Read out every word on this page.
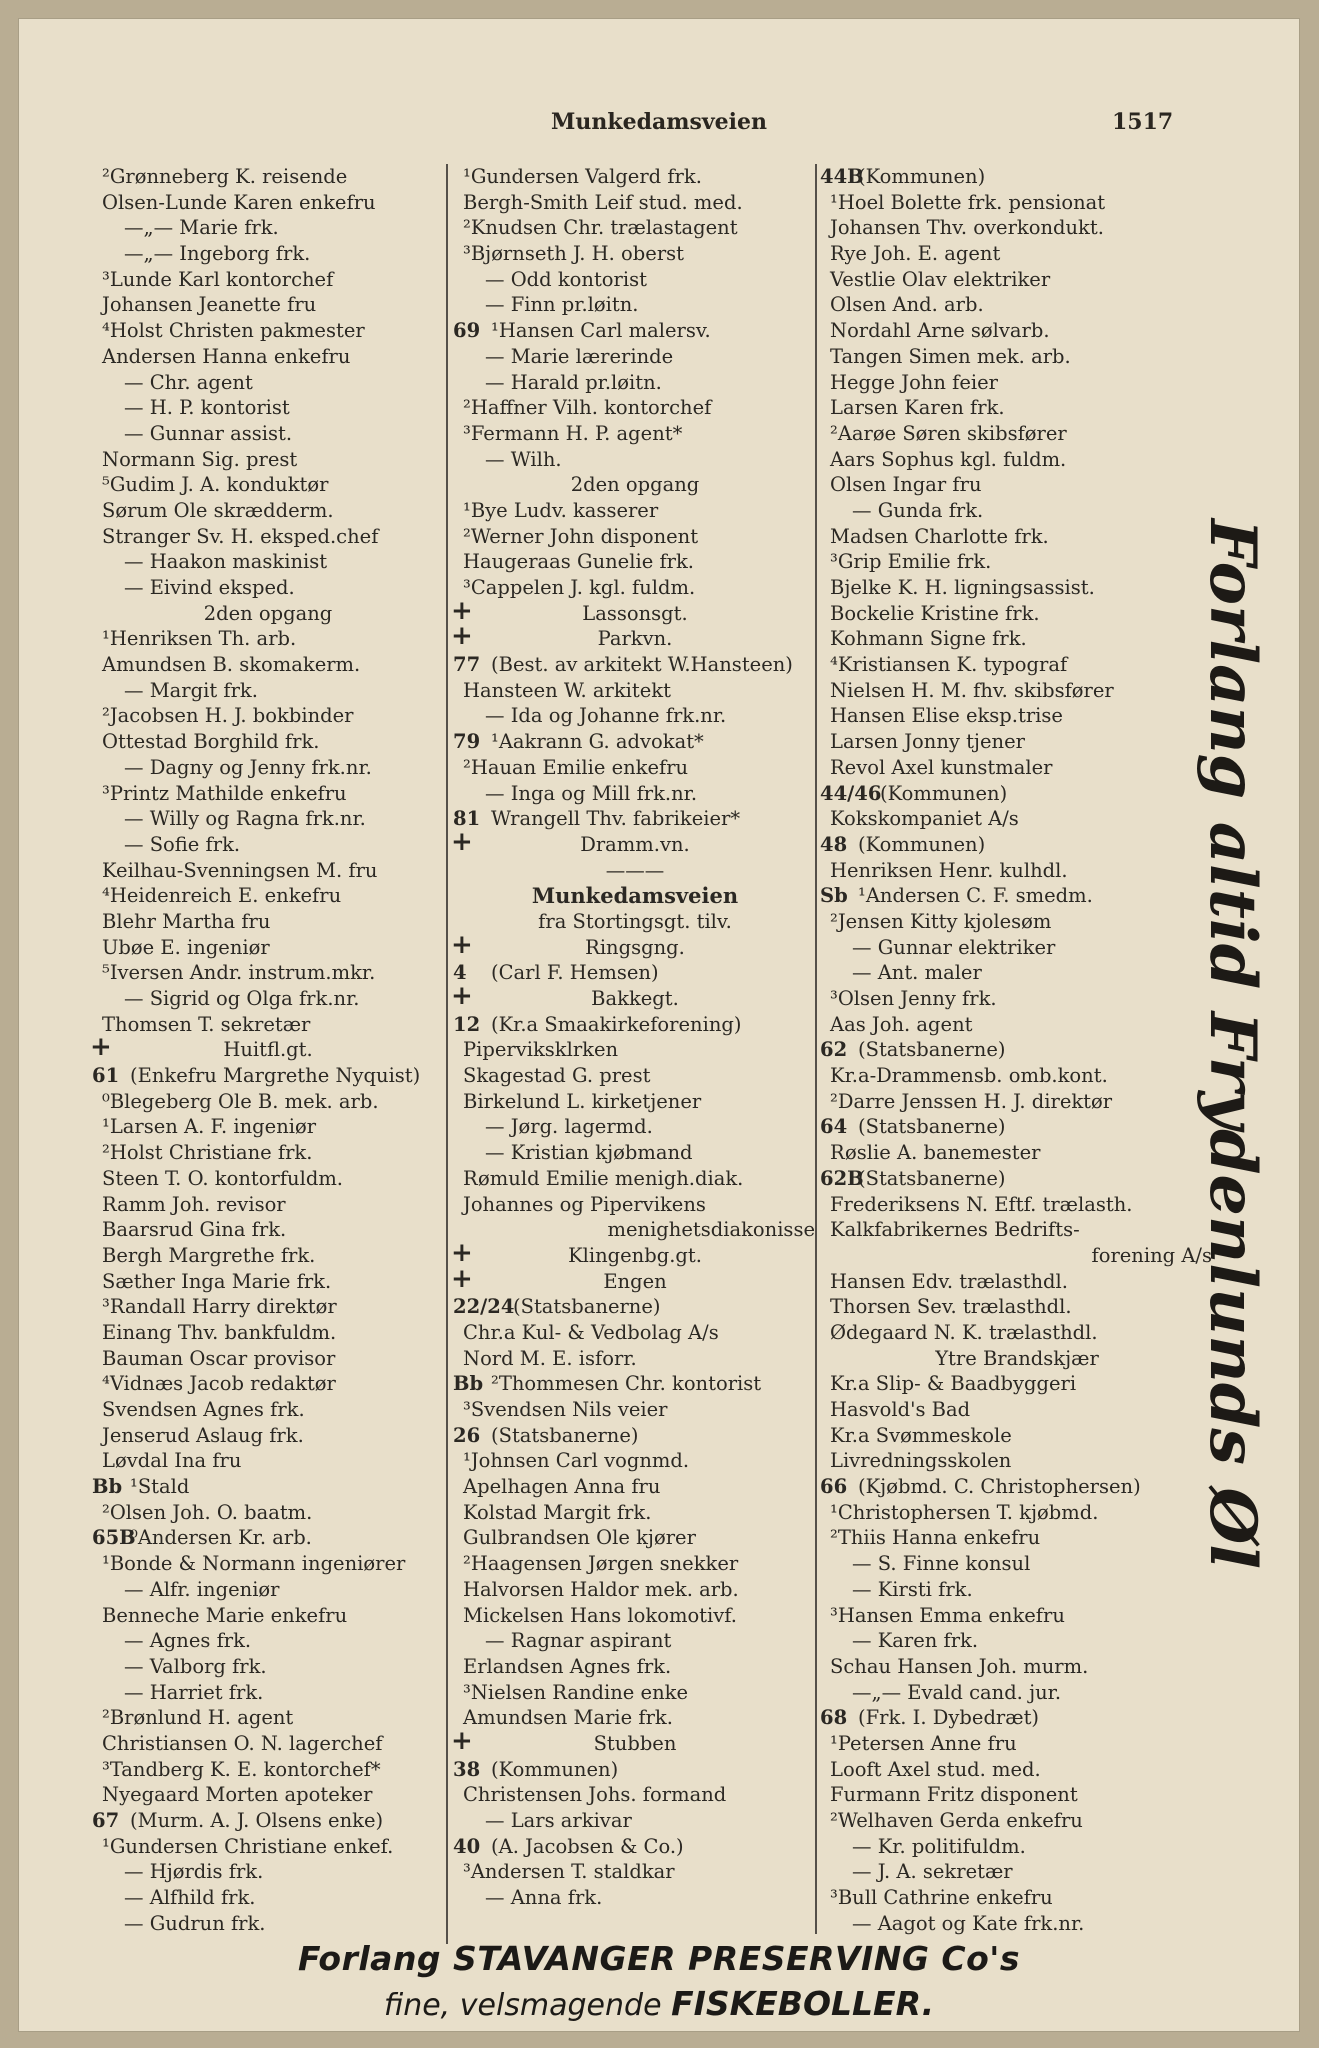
Munkedamsveien	1517
²Grønneberg K. reisende
Olsen-Lunde Karen enkefru
—„— Marie frk.
—„— Ingeborg frk.
³Lunde Karl kontorchef
Johansen Jeanette fru
⁴Holst Christen pakmester
Andersen Hanna enkefru
— Chr. agent
— H. P. kontorist
— Gunnar assist.
Normann Sig. prest
⁵Gudim J. A. konduktør
Sørum Ole skrædderm.
Stranger Sv. H. eksped.chef
— Haakon maskinist
— Eivind eksped.
2den opgang
¹Henriksen Th. arb.
Amundsen B. skomakerm.
— Margit frk.
²Jacobsen H. J. bokbinder
Ottestad Borghild frk.
— Dagny og Jenny frk.nr.
³Printz Mathilde enkefru
— Willy og Ragna frk.nr.
— Sofie frk.
Keilhau-Svenningsen M. fru
⁴Heidenreich E. enkefru
Blehr Martha fru
Ubøe E. ingeniør
⁵Iversen Andr. instrum.mkr.
— Sigrid og Olga frk.nr.
Thomsen T. sekretær
+	Huitfl.gt.
61 (Enkefru Margrethe Nyquist)
⁰Blegeberg Ole B. mek. arb.
¹Larsen A. F. ingeniør
²Holst Christiane frk.
Steen T. O. kontorfuldm.
Ramm Joh. revisor
Baarsrud Gina frk.
Bergh Margrethe frk.
Sæther Inga Marie frk.
³Randall Harry direktør
Einang Thv. bankfuldm.
Bauman Oscar provisor
⁴Vidnæs Jacob redaktør
Svendsen Agnes frk.
Jenserud Aslaug frk.
Løvdal Ina fru
Bb ¹Stald
²Olsen Joh. O. baatm.
65B
⁰Andersen Kr. arb.
¹Bonde & Normann ingeniører
— Alfr. ingeniør
Benneche Marie enkefru
— Agnes frk.
— Valborg frk.
— Harriet frk.
²Brønlund H. agent
Christiansen O. N. lagerchef
³Tandberg K. E. kontorchef*
Nyegaard Morten apoteker
67 (Murm. A. J. Olsens enke)
¹Gundersen Christiane enkef.
— Hjørdis frk.
— Alfhild frk.
— Gudrun frk.
¹Gundersen Valgerd frk.
Bergh-Smith Leif stud. med.
²Knudsen Chr. trælastagent
³Bjørnseth J. H. oberst
— Odd kontorist
— Finn pr.løitn.
69 ¹Hansen Carl malersv.
— Marie lærerinde
— Harald pr.løitn.
²Haffner Vilh. kontorchef
³Fermann H. P. agent*
— Wilh.
2den opgang
¹Bye Ludv. kasserer
²Werner John disponent
Haugeraas Gunelie frk.
³Cappelen J. kgl. fuldm.
+	Lassonsgt.
+	Parkvn.
77 (Best. av arkitekt W.Hansteen)
Hansteen W. arkitekt
— Ida og Johanne frk.nr.
79 ¹Aakrann G. advokat*
²Hauan Emilie enkefru
— Inga og Mill frk.nr.
81 Wrangell Thv. fabrikeier*
+	Dramm.vn.
———
Munkedamsveien
fra Stortingsgt. tilv.
+	Ringsgng.
4 (Carl F. Hemsen)
+	Bakkegt.
12 (Kr.a Smaakirkeforening)
Piperviksklrken
Skagestad G. prest
Birkelund L. kirketjener
— Jørg. lagermd.
— Kristian kjøbmand
Rømuld Emilie menigh.diak.
Johannes og Pipervikens
menighetsdiakonisse
+	Klingenbg.gt.
+	Engen
22/24
(Statsbanerne)
Chr.a Kul- & Vedbolag A/s
Nord M. E. isforr.
Bb ²Thommesen Chr. kontorist
³Svendsen Nils veier
26 (Statsbanerne)
¹Johnsen Carl vognmd.
Apelhagen Anna fru
Kolstad Margit frk.
Gulbrandsen Ole kjører
²Haagensen Jørgen snekker
Halvorsen Haldor mek. arb.
Mickelsen Hans lokomotivf.
— Ragnar aspirant
Erlandsen Agnes frk.
³Nielsen Randine enke
Amundsen Marie frk.
+	Stubben
38 (Kommunen)
Christensen Johs. formand
— Lars arkivar
40 (A. Jacobsen & Co.)
³Andersen T. staldkar
— Anna frk.
44B
(Kommunen)
¹Hoel Bolette frk. pensionat
Johansen Thv. overkondukt.
Rye Joh. E. agent
Vestlie Olav elektriker
Olsen And. arb.
Nordahl Arne sølvarb.
Tangen Simen mek. arb.
Hegge John feier
Larsen Karen frk.
²Aarøe Søren skibsfører
Aars Sophus kgl. fuldm.
Olsen Ingar fru
— Gunda frk.
Madsen Charlotte frk.
³Grip Emilie frk.
Bjelke K. H. ligningsassist.
Bockelie Kristine frk.
Kohmann Signe frk.
⁴Kristiansen K. typograf
Nielsen H. M. fhv. skibsfører
Hansen Elise eksp.trise
Larsen Jonny tjener
Revol Axel kunstmaler
44/46
(Kommunen)
Kokskompaniet A/s
48 (Kommunen)
Henriksen Henr. kulhdl.
Sb ¹Andersen C. F. smedm.
²Jensen Kitty kjolesøm
— Gunnar elektriker
— Ant. maler
³Olsen Jenny frk.
Aas Joh. agent
62 (Statsbanerne)
Kr.a-Drammensb. omb.kont.
²Darre Jenssen H. J. direktør
64 (Statsbanerne)
Røslie A. banemester
62B
(Statsbanerne)
Frederiksens N. Eftf. trælasth.
Kalkfabrikernes Bedrifts-
forening A/s
Hansen Edv. trælasthdl.
Thorsen Sev. trælasthdl.
Ødegaard N. K. trælasthdl.
Ytre Brandskjær
Kr.a Slip- & Baadbyggeri
Hasvold's Bad
Kr.a Svømmeskole
Livredningsskolen
66 (Kjøbmd. C. Christophersen)
¹Christophersen T. kjøbmd.
²Thiis Hanna enkefru
— S. Finne konsul
— Kirsti frk.
³Hansen Emma enkefru
— Karen frk.
Schau Hansen Joh. murm.
—„— Evald cand. jur.
68 (Frk. I. Dybedræt)
¹Petersen Anne fru
Looft Axel stud. med.
Furmann Fritz disponent
²Welhaven Gerda enkefru
— Kr. politifuldm.
— J. A. sekretær
³Bull Cathrine enkefru
— Aagot og Kate frk.nr.
Forlang altid Frydenlunds Øl
Forlang STAVANGER PRESERVING Co's
fine, velsmagende FISKEBOLLER.
